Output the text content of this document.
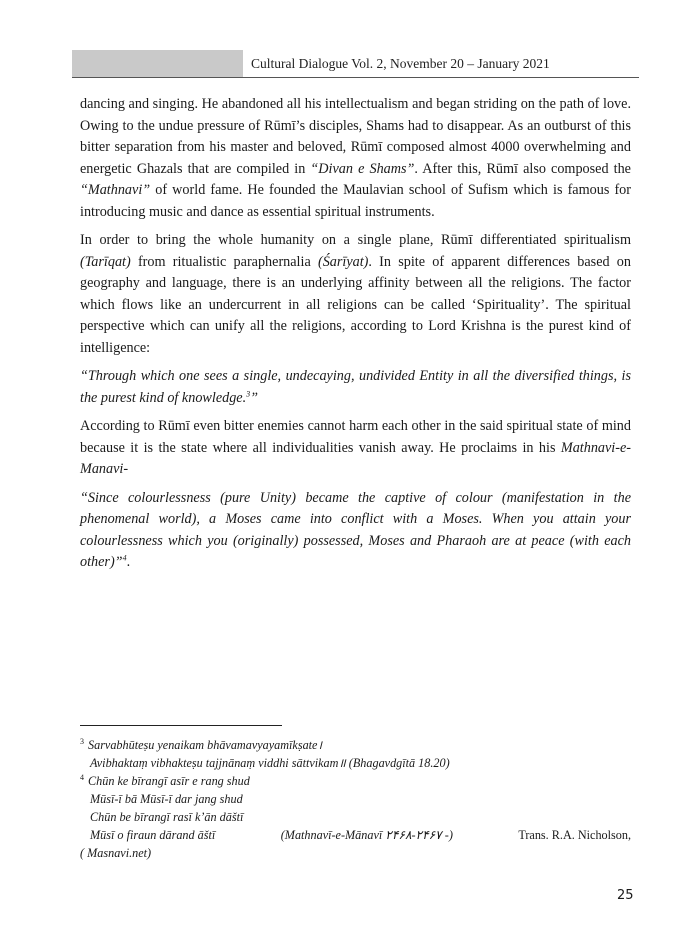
Cultural Dialogue Vol. 2, November 20 – January 2021

dancing and singing. He abandoned all his intellectualism and began striding on the path of love. Owing to the undue pressure of Rūmī’s disciples, Shams had to disappear. As an outburst of this bitter separation from his master and beloved, Rūmī composed almost 4000 overwhelming and energetic Ghazals that are compiled in “Divan e Shams”. After this, Rūmī also composed the “Mathnavi” of world fame. He founded the Maulavian school of Sufism which is famous for introducing music and dance as essential spiritual instruments.

In order to bring the whole humanity on a single plane, Rūmī differentiated spiritualism (Tarīqat) from ritualistic paraphernalia (Śarīyat). In spite of apparent differences based on geography and language, there is an underlying affinity between all the religions. The factor which flows like an undercurrent in all religions can be called ‘Spirituality’. The spiritual perspective which can unify all the religions, according to Lord Krishna is the purest kind of intelligence:

“Through which one sees a single, undecaying, undivided Entity in all the diversified things, is the purest kind of knowledge.$^3$”

According to Rūmī even bitter enemies cannot harm each other in the said spiritual state of mind because it is the state where all individualities vanish away. He proclaims in his Mathnavi-e-Manavi-

“Since colourlessness (pure Unity) became the captive of colour (manifestation in the phenomenal world), a Moses came into conflict with a Moses. When you attain your colourlessness which you (originally) possessed, Moses and Pharaoh are at peace (with each other)”$^4$.

$^3$ Sarvabhūteṣu yenaikam bhāvamavyayamīkṣate।
Avibhaktaṃ vibhakteṣu tajjnānaṃ viddhi sāttvikam॥ (Bhagavdgītā 18.20)
$^4$ Chūn ke bīrangī asīr e rang shud
Mūsī-ī bā Mūsī-ī dar jang shud
Chūn be bīrangī rasī k’ān dāštī
Mūsī o firaun dārand āštī	(Mathnavī-e-Mānavī ۲۴۶۸-۲۴۶۷ -)	Trans. R.A. Nicholson,
( Masnavi.net)
25
